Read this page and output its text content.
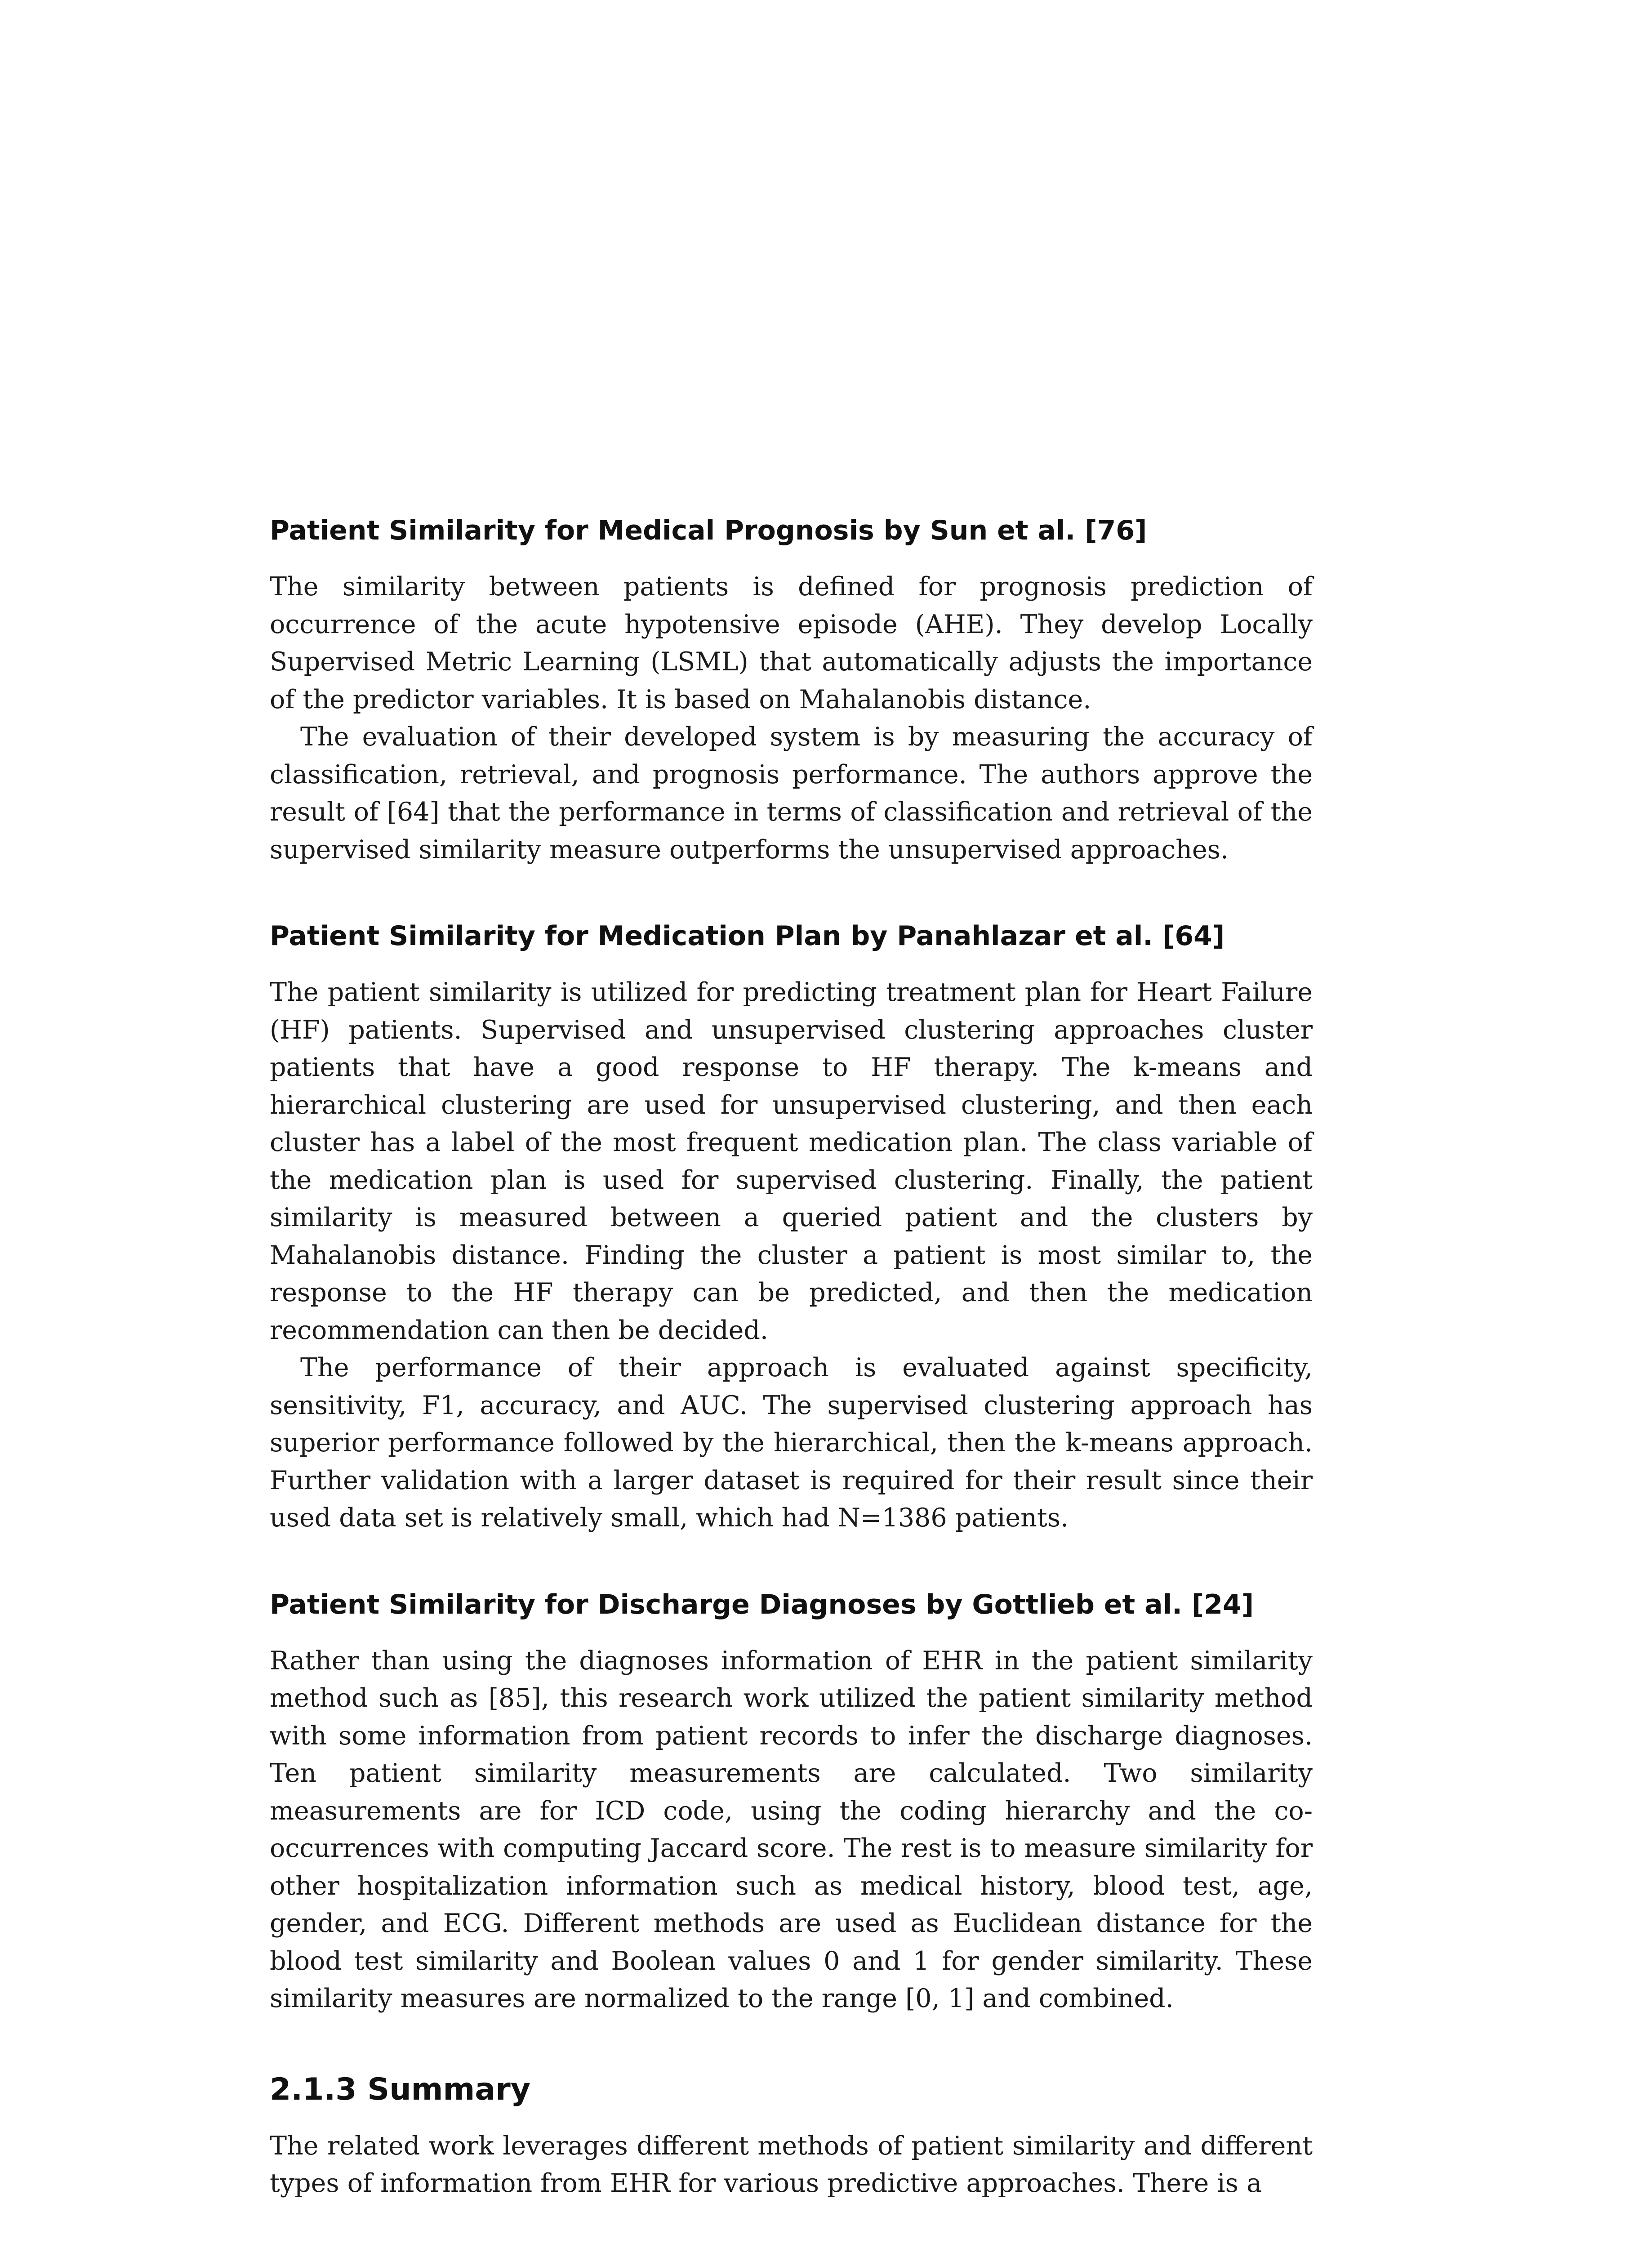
Patient Similarity for Medical Prognosis by Sun et al. [76]

The similarity between patients is defined for prognosis prediction of occurrence of the acute hypotensive episode (AHE). They develop Locally Supervised Metric Learning (LSML) that automatically adjusts the importance of the predictor variables. It is based on Mahalanobis distance.

The evaluation of their developed system is by measuring the accuracy of classification, retrieval, and prognosis performance. The authors approve the result of [64] that the performance in terms of classification and retrieval of the supervised similarity measure outperforms the unsupervised approaches.

Patient Similarity for Medication Plan by Panahlazar et al. [64]

The patient similarity is utilized for predicting treatment plan for Heart Failure (HF) patients. Supervised and unsupervised clustering approaches cluster patients that have a good response to HF therapy. The k-means and hierarchical clustering are used for unsupervised clustering, and then each cluster has a label of the most frequent medication plan. The class variable of the medication plan is used for supervised clustering. Finally, the patient similarity is measured between a queried patient and the clusters by Mahalanobis distance. Finding the cluster a patient is most similar to, the response to the HF therapy can be predicted, and then the medication recommendation can then be decided.

The performance of their approach is evaluated against specificity, sensitivity, F1, accuracy, and AUC. The supervised clustering approach has superior performance followed by the hierarchical, then the k-means approach. Further validation with a larger dataset is required for their result since their used data set is relatively small, which had N=1386 patients.

Patient Similarity for Discharge Diagnoses by Gottlieb et al. [24]

Rather than using the diagnoses information of EHR in the patient similarity method such as [85], this research work utilized the patient similarity method with some information from patient records to infer the discharge diagnoses. Ten patient similarity measurements are calculated. Two similarity measurements are for ICD code, using the coding hierarchy and the co-occurrences with computing Jaccard score. The rest is to measure similarity for other hospitalization information such as medical history, blood test, age, gender, and ECG. Different methods are used as Euclidean distance for the blood test similarity and Boolean values 0 and 1 for gender similarity. These similarity measures are normalized to the range [0, 1] and combined.

2.1.3 Summary

The related work leverages different methods of patient similarity and different types of information from EHR for various predictive approaches. There is a
